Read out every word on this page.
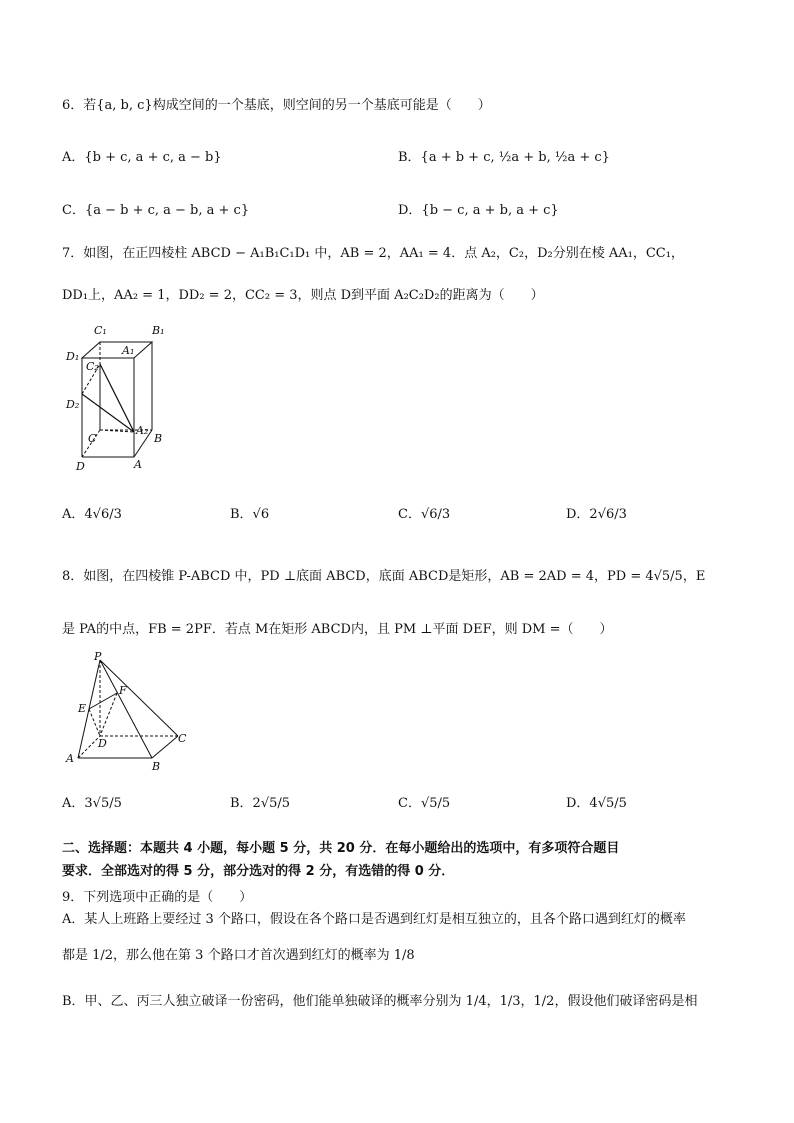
6．若{a, b, c}构成空间的一个基底，则空间的另一个基底可能是（　　）
A．{b + c, a + c, a − b}	B．{a + b + c, ½a + b, ½a + c}
C．{a − b + c, a − b, a + c}	D．{b − c, a + b, a + c}
7．如图，在正四棱柱 ABCD − A₁B₁C₁D₁ 中，AB = 2，AA₁ = 4．点 A₂，C₂，D₂分别在棱 AA₁，CC₁，
DD₁上，AA₂ = 1，DD₂ = 2，CC₂ = 3，则点 D到平面 A₂C₂D₂的距离为（　　）
C₁	B₁
D₁	A₁
C₂
D₂
C
A₂
B
D	A
A．4√6/3	B．√6	C．√6/3	D．2√6/3
8．如图，在四棱锥 P-ABCD 中，PD ⊥底面 ABCD，底面 ABCD是矩形，AB = 2AD = 4，PD = 4√5/5，E
是 PA的中点，FB = 2PF．若点 M在矩形 ABCD内，且 PM ⊥平面 DEF，则 DM =（　　）
P
F
E
D	C
A
B
A．3√5/5	B．2√5/5	C．√5/5	D．4√5/5
二、选择题：本题共 4 小题，每小题 5 分，共 20 分．在每小题给出的选项中，有多项符合题目
要求．全部选对的得 5 分，部分选对的得 2 分，有选错的得 0 分．
9．下列选项中正确的是（　　）
A．某人上班路上要经过 3 个路口，假设在各个路口是否遇到红灯是相互独立的，且各个路口遇到红灯的概率
都是 1/2，那么他在第 3 个路口才首次遇到红灯的概率为 1/8
B．甲、乙、丙三人独立破译一份密码，他们能单独破译的概率分别为 1/4，1/3，1/2，假设他们破译密码是相
